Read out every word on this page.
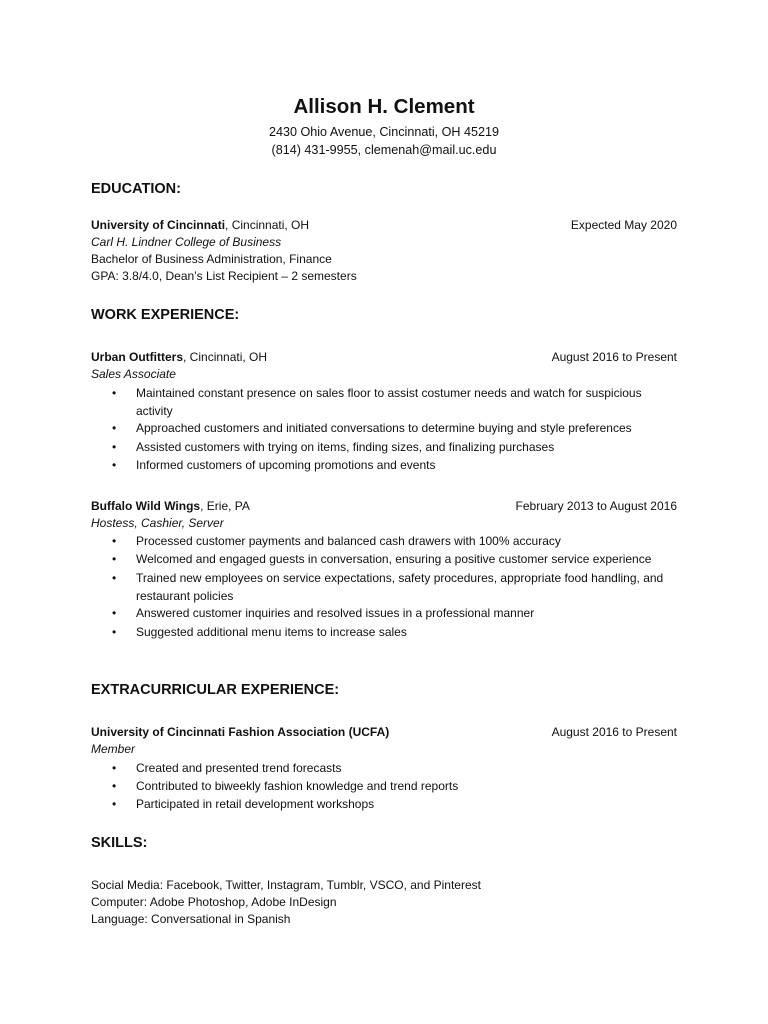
Allison H. Clement
2430 Ohio Avenue, Cincinnati, OH 45219
(814) 431-9955, clemenah@mail.uc.edu
EDUCATION:
University of Cincinnati, Cincinnati, OH	Expected May 2020
Carl H. Lindner College of Business
Bachelor of Business Administration, Finance
GPA: 3.8/4.0, Dean’s List Recipient – 2 semesters
WORK EXPERIENCE:
Urban Outfitters, Cincinnati, OH	August 2016 to Present
Sales Associate
• Maintained constant presence on sales floor to assist costumer needs and watch for suspicious activity
• Approached customers and initiated conversations to determine buying and style preferences
• Assisted customers with trying on items, finding sizes, and finalizing purchases
• Informed customers of upcoming promotions and events
Buffalo Wild Wings, Erie, PA	February 2013 to August 2016
Hostess, Cashier, Server
• Processed customer payments and balanced cash drawers with 100% accuracy
• Welcomed and engaged guests in conversation, ensuring a positive customer service experience
• Trained new employees on service expectations, safety procedures, appropriate food handling, and restaurant policies
• Answered customer inquiries and resolved issues in a professional manner
• Suggested additional menu items to increase sales
EXTRACURRICULAR EXPERIENCE:
University of Cincinnati Fashion Association (UCFA)	August 2016 to Present
Member
• Created and presented trend forecasts
• Contributed to biweekly fashion knowledge and trend reports
• Participated in retail development workshops
SKILLS:
Social Media: Facebook, Twitter, Instagram, Tumblr, VSCO, and Pinterest
Computer: Adobe Photoshop, Adobe InDesign
Language: Conversational in Spanish
